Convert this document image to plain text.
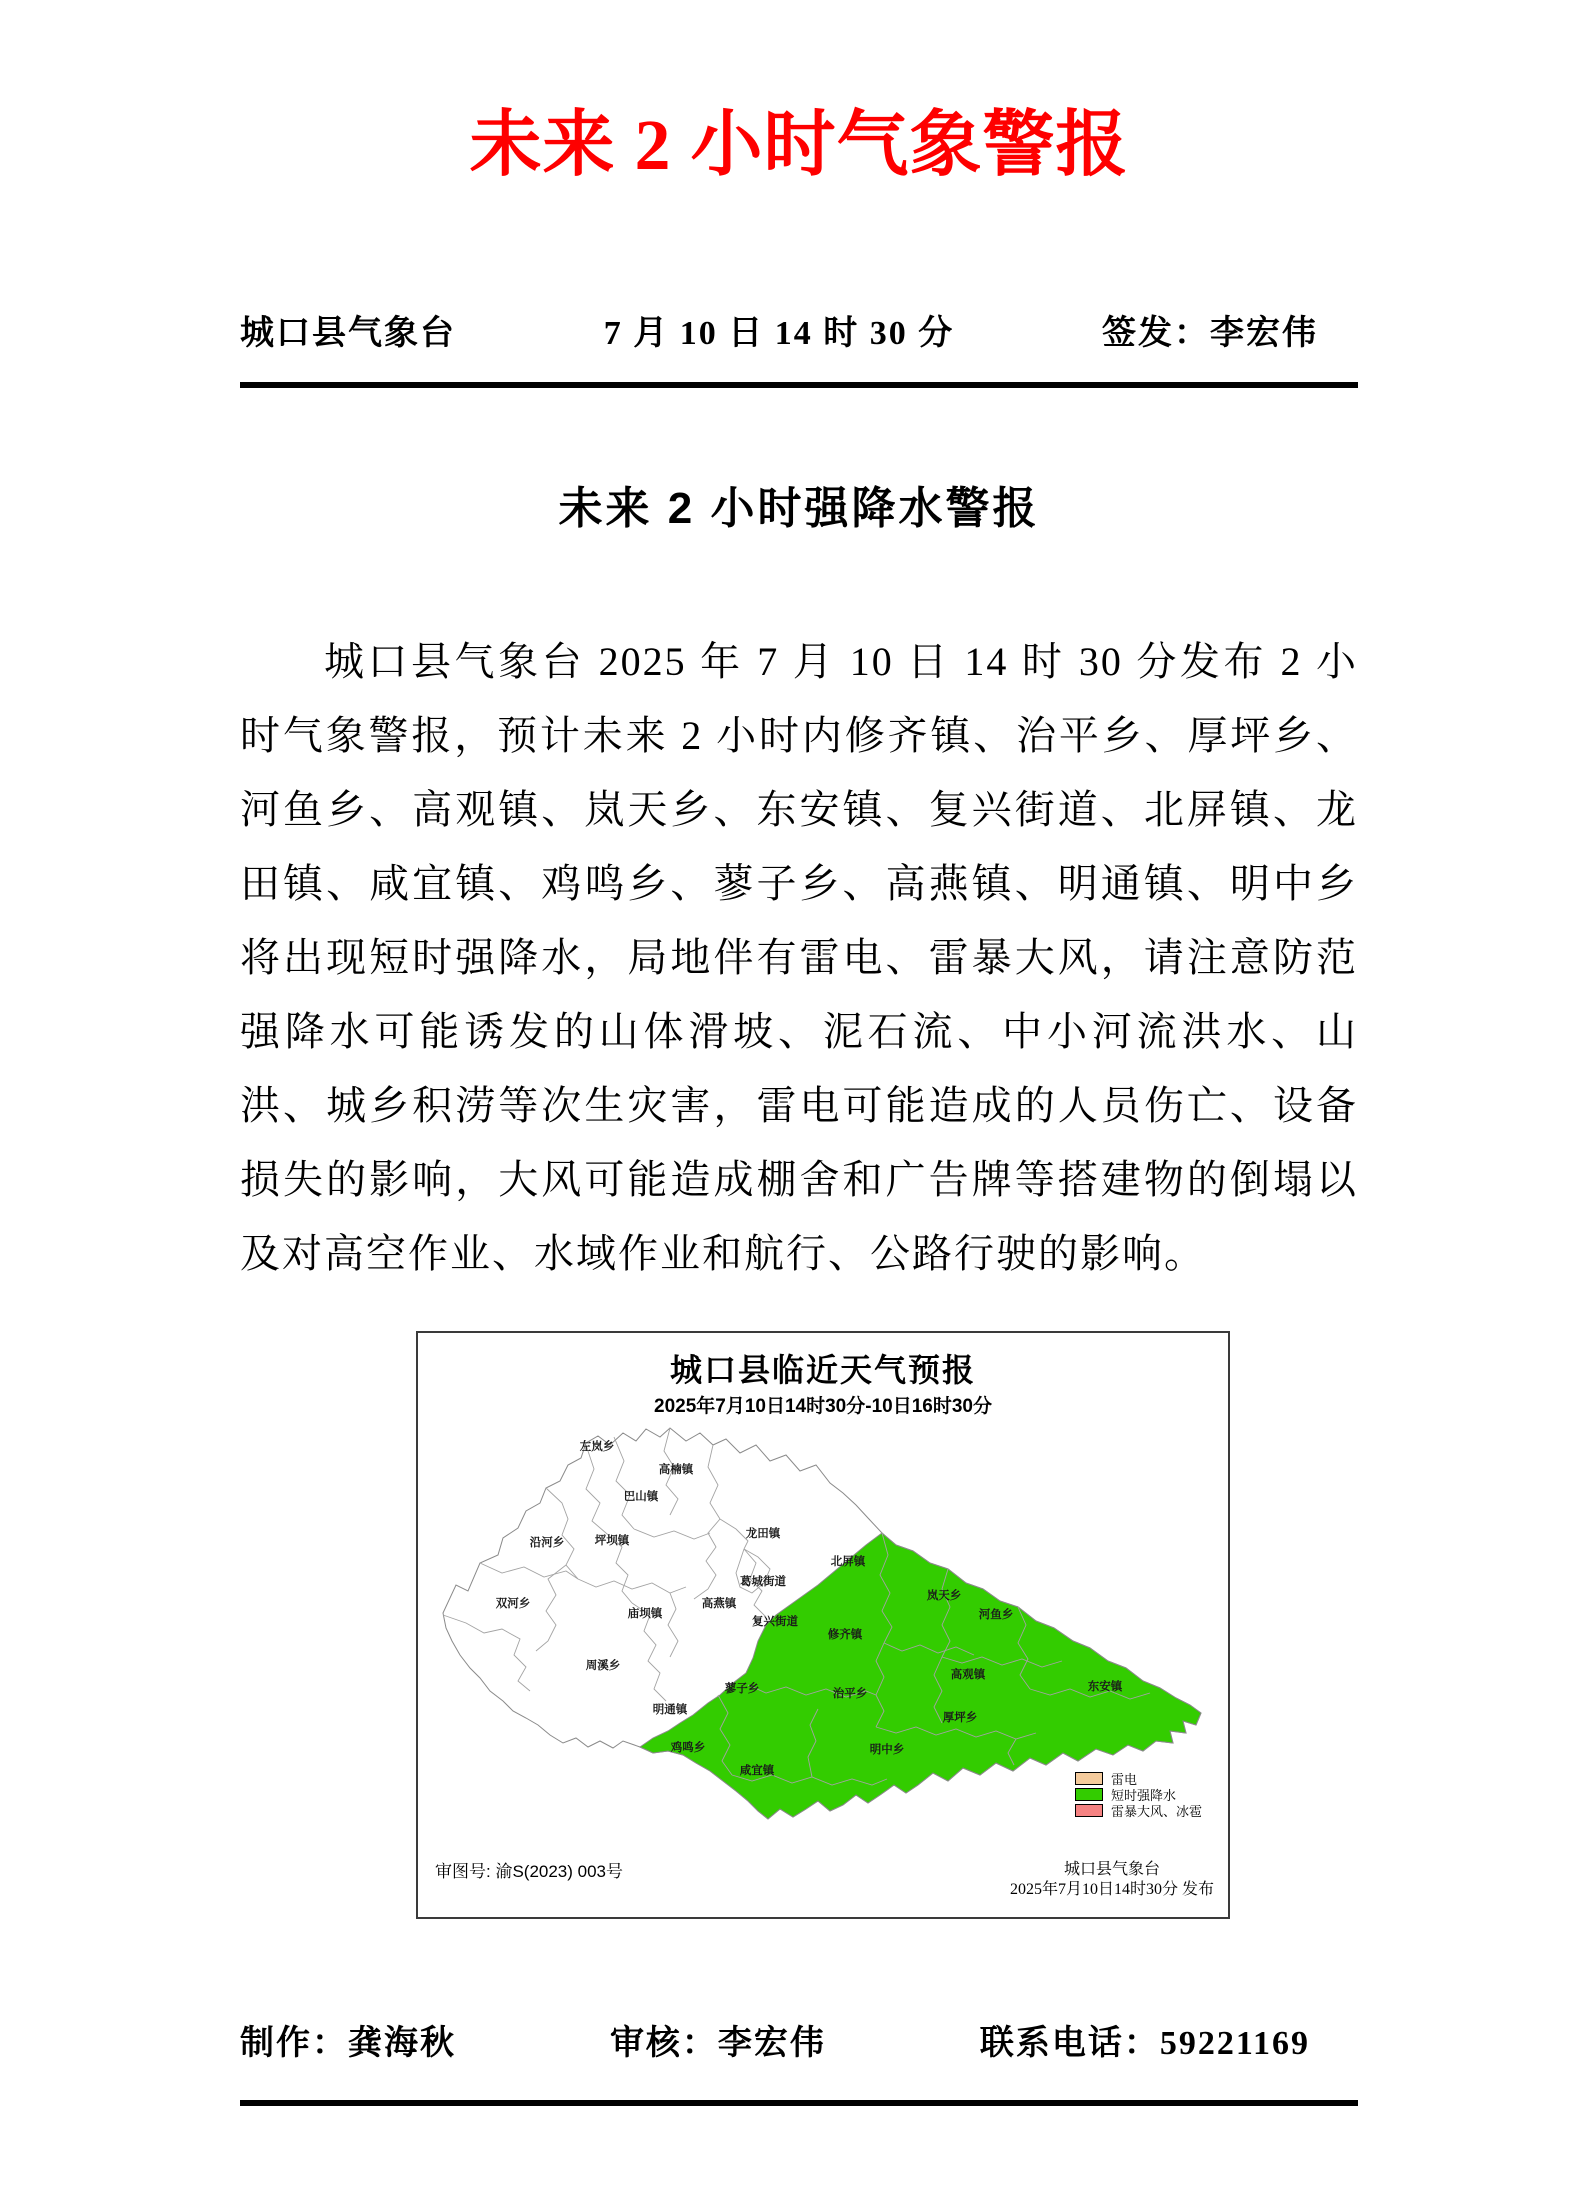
未来 2 小时气象警报
城口县气象台	7 月 10 日 14 时 30 分	签发：李宏伟
未来 2 小时强降水警报

城口县气象台 2025 年 7 月 10 日 14 时 30 分发布 2 小时气象警报，预计未来 2 小时内修齐镇、治平乡、厚坪乡、河鱼乡、高观镇、岚天乡、东安镇、复兴街道、北屏镇、龙田镇、咸宜镇、鸡鸣乡、蓼子乡、高燕镇、明通镇、明中乡将出现短时强降水，局地伴有雷电、雷暴大风，请注意防范强降水可能诱发的山体滑坡、泥石流、中小河流洪水、山洪、城乡积涝等次生灾害，雷电可能造成的人员伤亡、设备损失的影响，大风可能造成棚舍和广告牌等搭建物的倒塌以及对高空作业、水域作业和航行、公路行驶的影响。

城口县临近天气预报
2025年7月10日14时30分-10日16时30分
左岚乡
高楠镇
巴山镇
沿河乡	坪坝镇
龙田镇
葛城街道
双河乡	高燕镇
庙坝镇
复兴街道
周溪乡
明通镇
北屏镇
岚天乡
河鱼乡
修齐镇
蓼子乡	治平乡
高观镇
东安镇
厚坪乡
明中乡
鸡鸣乡
咸宜镇
雷电
短时强降水
雷暴大风、冰雹
审图号: 渝S(2023) 003号	城口县气象台
2025年7月10日14时30分 发布
制作：龚海秋	审核：李宏伟	联系电话：59221169
